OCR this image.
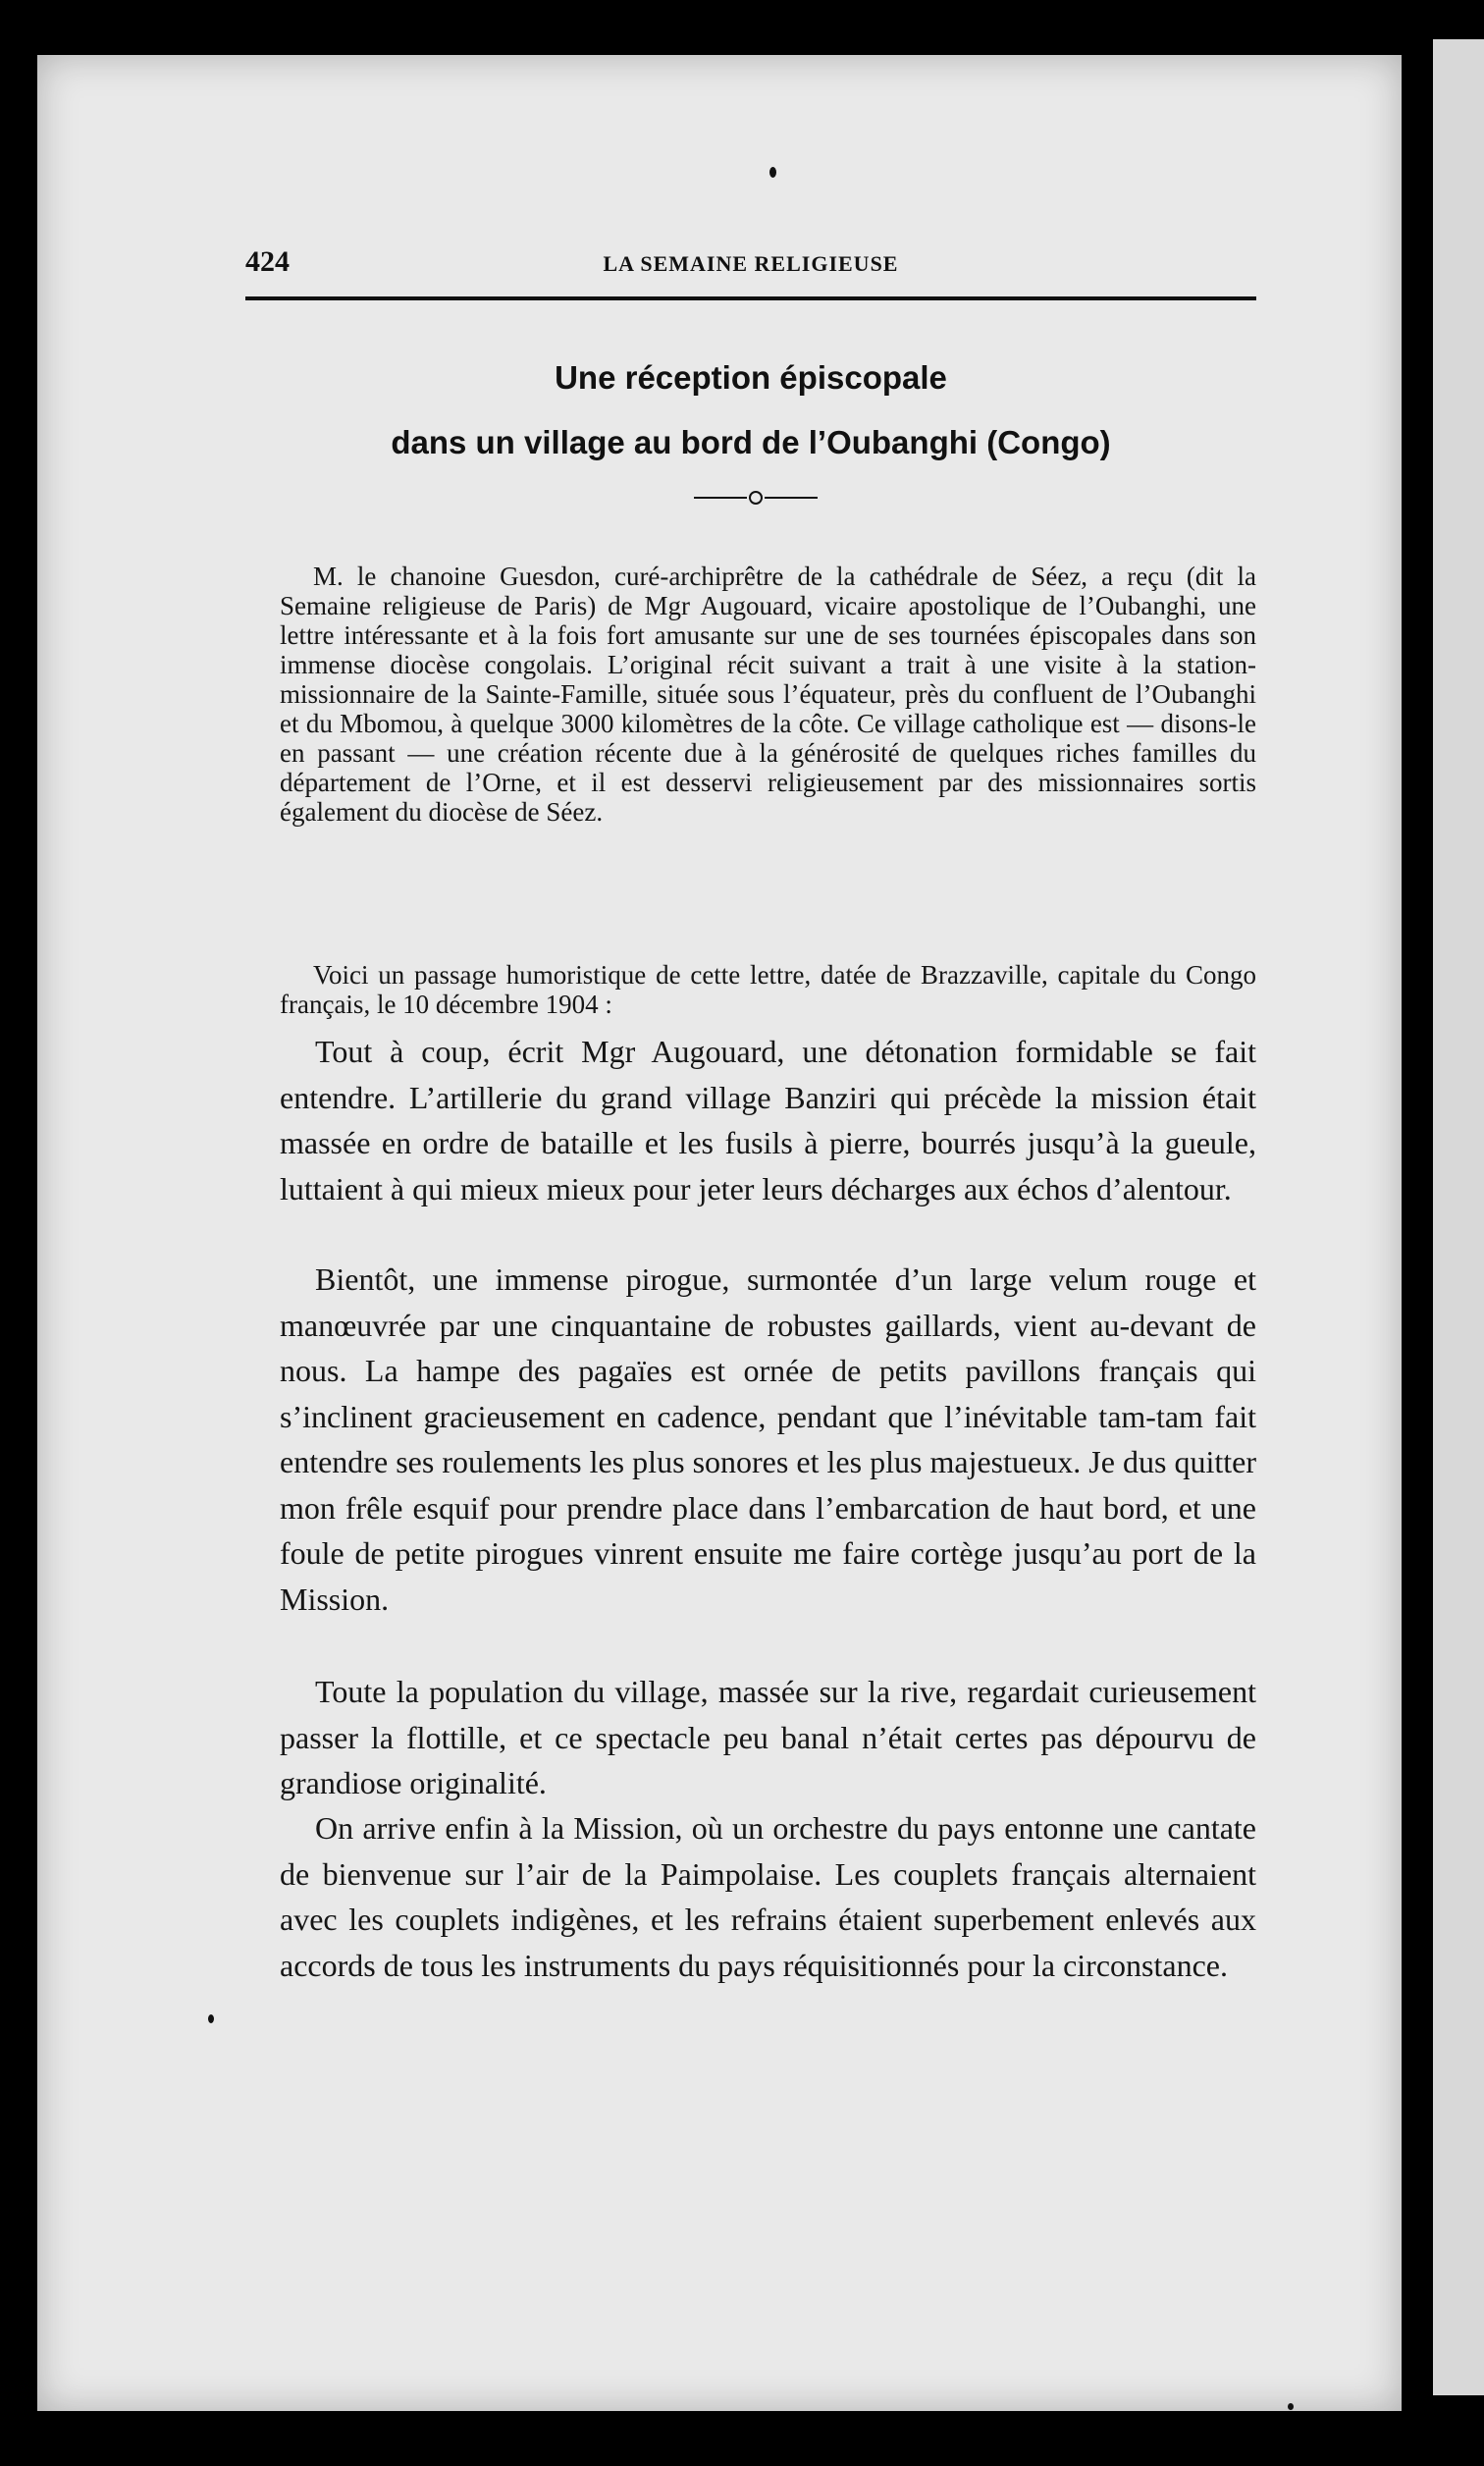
424	LA SEMAINE RELIGIEUSE
Une réception épiscopale
dans un village au bord de l’Oubanghi (Congo)

M. le chanoine Guesdon, curé-archiprêtre de la cathédrale de Séez, a reçu (dit la Semaine religieuse de Paris) de Mgr Augouard, vicaire apostolique de l’Oubanghi, une lettre intéressante et à la fois fort amusante sur une de ses tournées épiscopales dans son immense diocèse congolais. L’original récit suivant a trait à une visite à la station-missionnaire de la Sainte-Famille, située sous l’équateur, près du confluent de l’Oubanghi et du Mbomou, à quelque 3000 kilomètres de la côte. Ce village catholique est — disons-le en passant — une création récente due à la générosité de quelques riches familles du département de l’Orne, et il est desservi religieusement par des missionnaires sortis également du diocèse de Séez.

Voici un passage humoristique de cette lettre, datée de Brazzaville, capitale du Congo français, le 10 décembre 1904 :

Tout à coup, écrit Mgr Augouard, une détonation formidable se fait entendre. L’artillerie du grand village Banziri qui précède la mission était massée en ordre de bataille et les fusils à pierre, bourrés jusqu’à la gueule, luttaient à qui mieux mieux pour jeter leurs décharges aux échos d’alentour.

Bientôt, une immense pirogue, surmontée d’un large velum rouge et manœuvrée par une cinquantaine de robustes gaillards, vient au-devant de nous. La hampe des pagaïes est ornée de petits pavillons français qui s’inclinent gracieusement en cadence, pendant que l’inévitable tam-tam fait entendre ses roulements les plus sonores et les plus majestueux. Je dus quitter mon frêle esquif pour prendre place dans l’embarcation de haut bord, et une foule de petite pirogues vinrent ensuite me faire cortège jusqu’au port de la Mission.

Toute la population du village, massée sur la rive, regardait curieusement passer la flottille, et ce spectacle peu banal n’était certes pas dépourvu de grandiose originalité.

On arrive enfin à la Mission, où un orchestre du pays entonne une cantate de bienvenue sur l’air de la Paimpolaise. Les couplets français alternaient avec les couplets indigènes, et les refrains étaient superbement enlevés aux accords de tous les instruments du pays réquisitionnés pour la circonstance.
